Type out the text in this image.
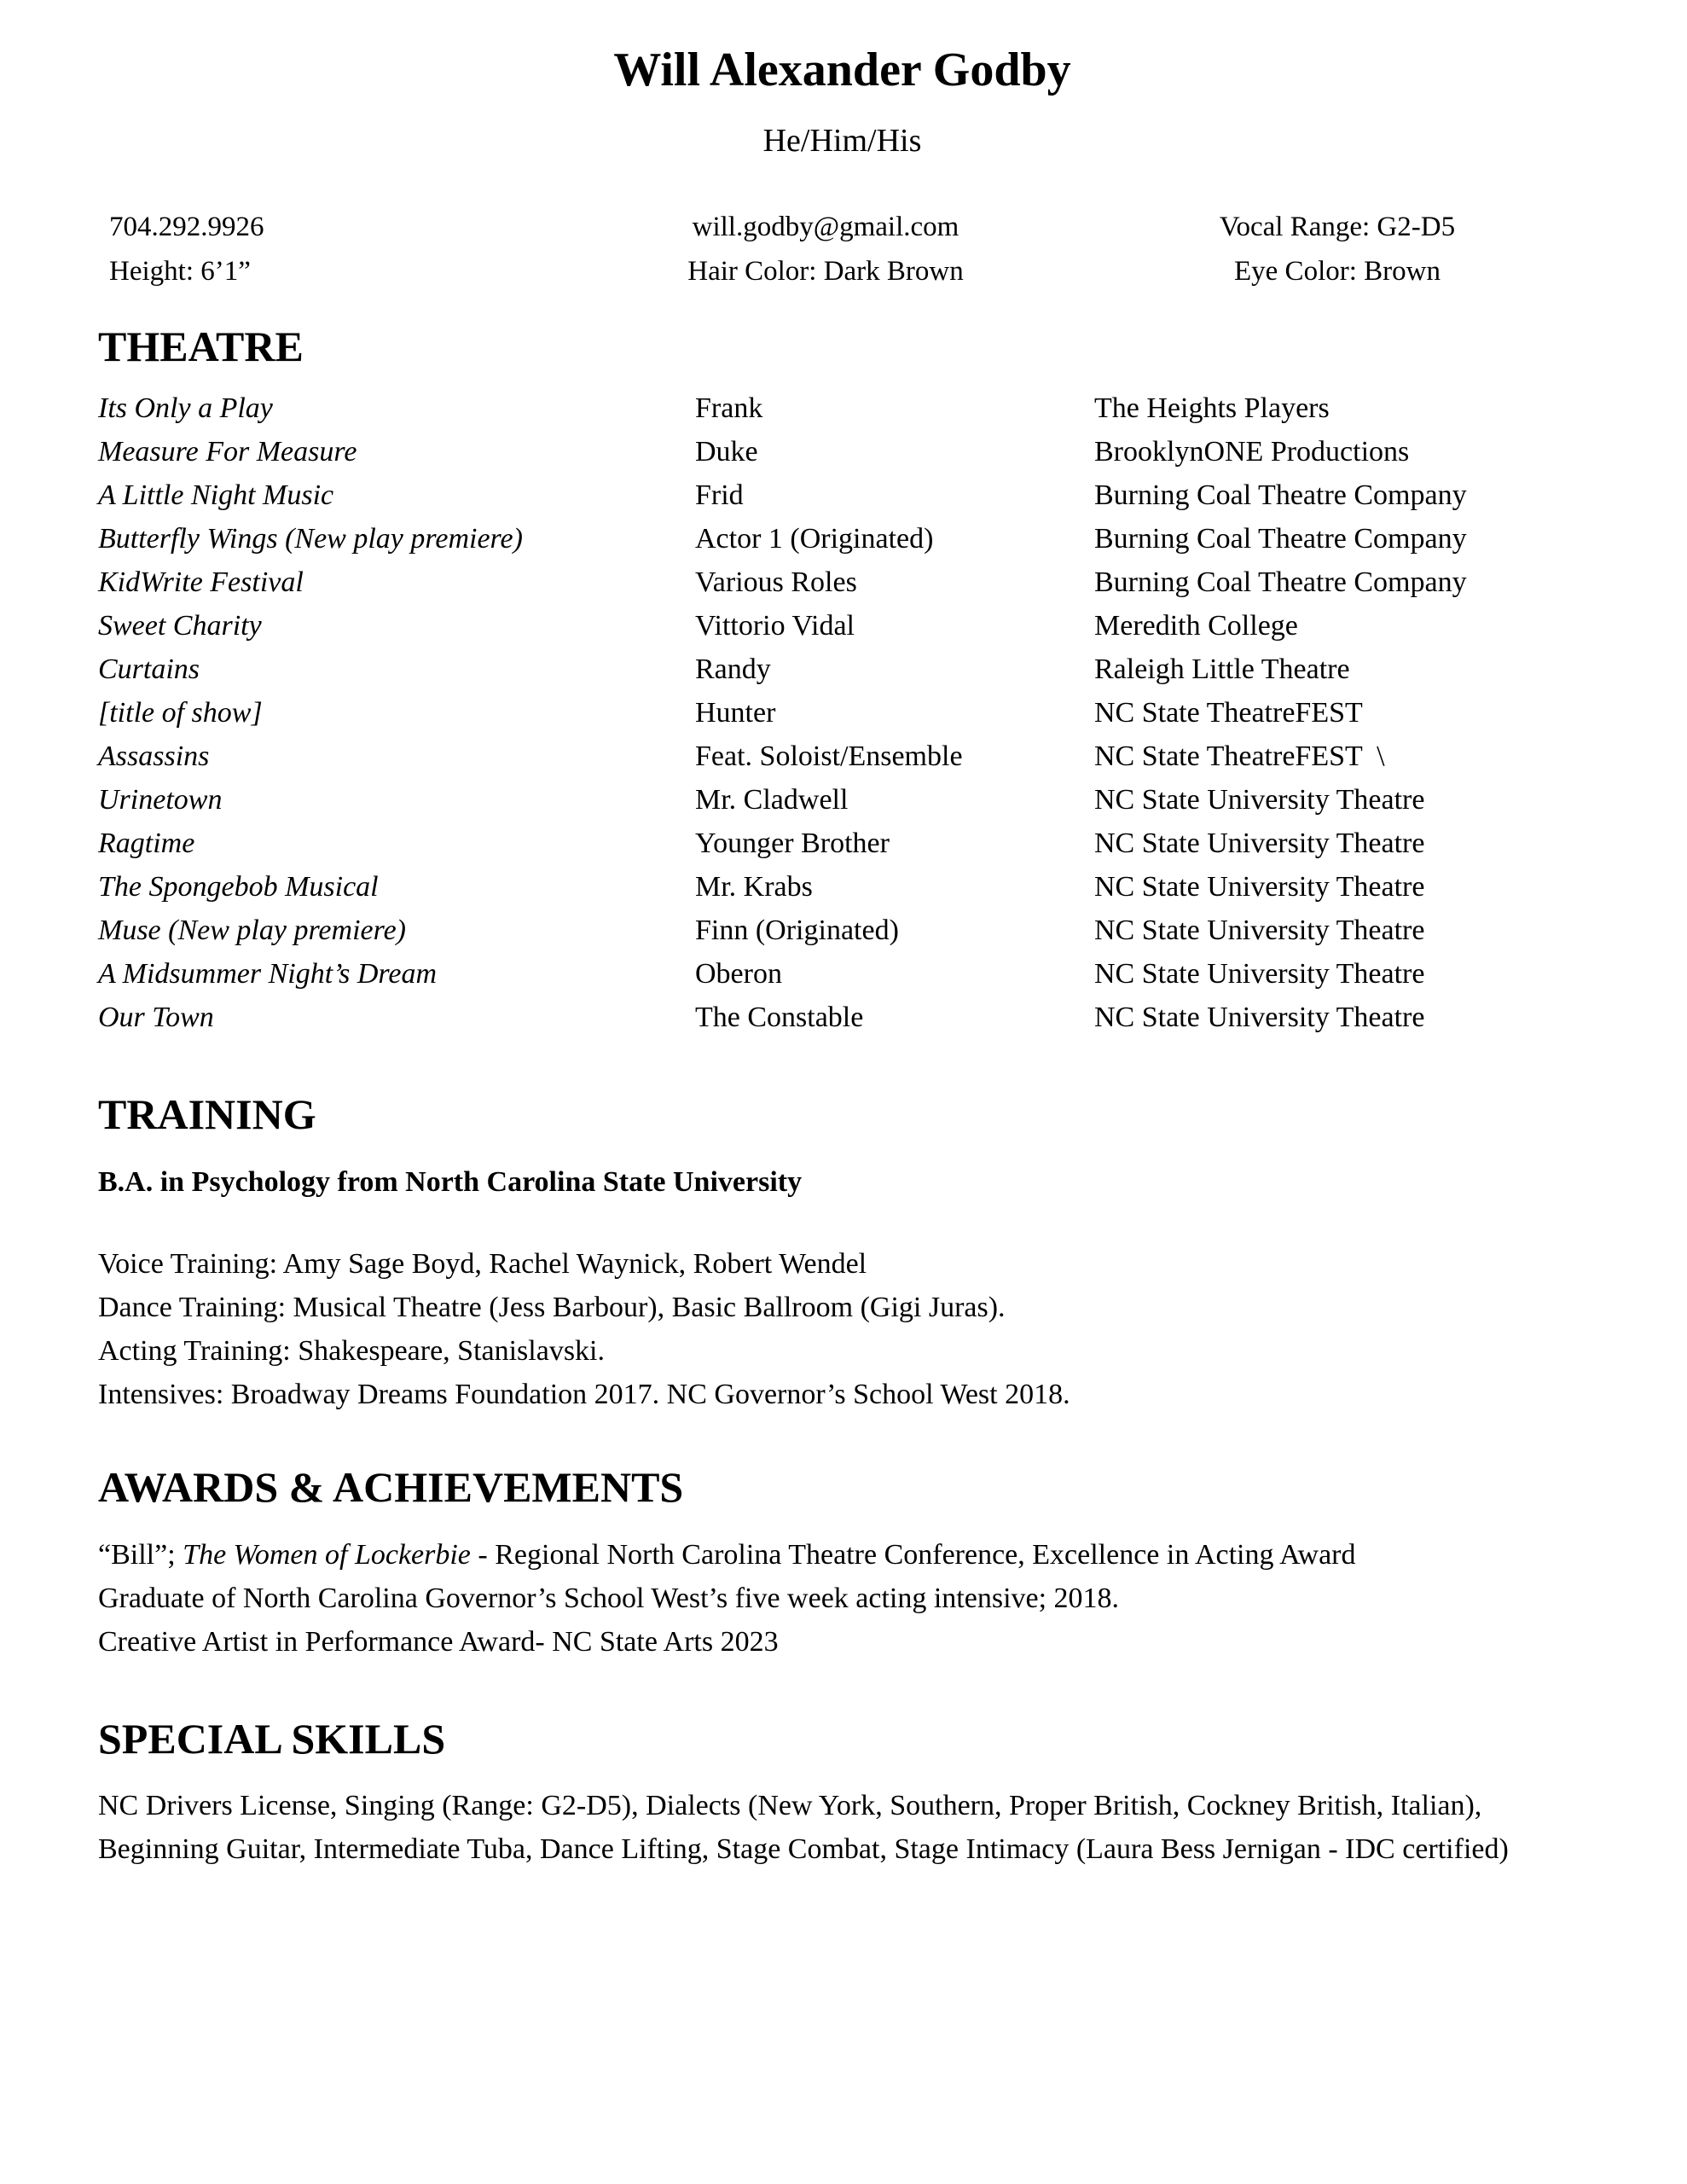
Will Alexander Godby
He/Him/His
704.292.9926	will.godby@gmail.com	Vocal Range: G2-D5
Height: 6’1”	Hair Color: Dark Brown	Eye Color: Brown
THEATRE
Its Only a Play	Frank	The Heights Players
Measure For Measure	Duke	BrooklynONE Productions
A Little Night Music	Frid	Burning Coal Theatre Company
Butterfly Wings (New play premiere)	Actor 1 (Originated)	Burning Coal Theatre Company
KidWrite Festival	Various Roles	Burning Coal Theatre Company
Sweet Charity	Vittorio Vidal	Meredith College
Curtains	Randy	Raleigh Little Theatre
[title of show]	Hunter	NC State TheatreFEST
Assassins	Feat. Soloist/Ensemble	NC State TheatreFEST  \
Urinetown	Mr. Cladwell	NC State University Theatre
Ragtime	Younger Brother	NC State University Theatre
The Spongebob Musical	Mr. Krabs	NC State University Theatre
Muse (New play premiere)	Finn (Originated)	NC State University Theatre
A Midsummer Night’s Dream	Oberon	NC State University Theatre
Our Town	The Constable	NC State University Theatre
TRAINING
B.A. in Psychology from North Carolina State University
Voice Training: Amy Sage Boyd, Rachel Waynick, Robert Wendel
Dance Training: Musical Theatre (Jess Barbour), Basic Ballroom (Gigi Juras).
Acting Training: Shakespeare, Stanislavski.
Intensives: Broadway Dreams Foundation 2017. NC Governor’s School West 2018.
AWARDS & ACHIEVEMENTS
“Bill”; The Women of Lockerbie - Regional North Carolina Theatre Conference, Excellence in Acting Award
Graduate of North Carolina Governor’s School West’s five week acting intensive; 2018.
Creative Artist in Performance Award- NC State Arts 2023
SPECIAL SKILLS
NC Drivers License, Singing (Range: G2-D5), Dialects (New York, Southern, Proper British, Cockney British, Italian), Beginning Guitar, Intermediate Tuba, Dance Lifting, Stage Combat, Stage Intimacy (Laura Bess Jernigan - IDC certified)
